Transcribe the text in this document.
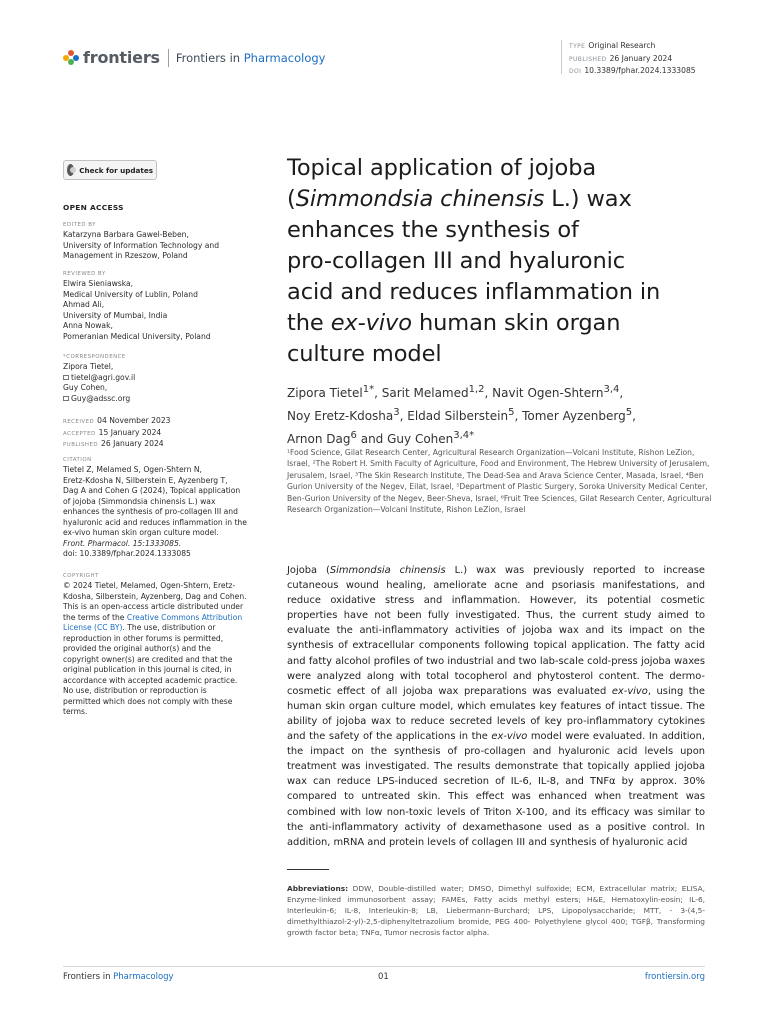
frontiers Frontiers in Pharmacology
TYPE Original Research
PUBLISHED 26 January 2024
DOI 10.3389/fphar.2024.1333085
Check for updates
OPEN ACCESS
EDITED BY
Katarzyna Barbara Gawel-Beben,
University of Information Technology and
Management in Rzeszow, Poland
REVIEWED BY
Elwira Sieniawska,
Medical University of Lublin, Poland
Ahmad Ali,
University of Mumbai, India
Anna Nowak,
Pomeranian Medical University, Poland
*CORRESPONDENCE
Zipora Tietel,
tietel@agri.gov.il
Guy Cohen,
Guy@adssc.org
RECEIVED 04 November 2023
ACCEPTED 15 January 2024
PUBLISHED 26 January 2024
CITATION
Tietel Z, Melamed S, Ogen-Shtern N,
Eretz-Kdosha N, Silberstein E, Ayzenberg T,
Dag A and Cohen G (2024), Topical application
of jojoba (Simmondsia chinensis L.) wax
enhances the synthesis of pro-collagen III and
hyaluronic acid and reduces inflammation in the
ex-vivo human skin organ culture model.
Front. Pharmacol. 15:1333085.
doi: 10.3389/fphar.2024.1333085
COPYRIGHT
© 2024 Tietel, Melamed, Ogen-Shtern, Eretz-
Kdosha, Silberstein, Ayzenberg, Dag and Cohen.
This is an open-access article distributed under
the terms of the Creative Commons Attribution
License (CC BY). The use, distribution or
reproduction in other forums is permitted,
provided the original author(s) and the
copyright owner(s) are credited and that the
original publication in this journal is cited, in
accordance with accepted academic practice.
No use, distribution or reproduction is
permitted which does not comply with these
terms.
Topical application of jojoba
(Simmondsia chinensis L.) wax
enhances the synthesis of
pro-collagen III and hyaluronic
acid and reduces inflammation in
the ex-vivo human skin organ
culture model
Zipora Tietel$^{1*}$, Sarit Melamed$^{1,2}$, Navit Ogen-Shtern$^{3,4}$,
Noy Eretz-Kdosha$^3$, Eldad Silberstein$^5$, Tomer Ayzenberg$^5$,
Arnon Dag$^6$ and Guy Cohen$^{3,4*}$
¹Food Science, Gilat Research Center, Agricultural Research Organization—Volcani Institute, Rishon LeZion, Israel, ²The Robert H. Smith Faculty of Agriculture, Food and Environment, The Hebrew University of Jerusalem, Jerusalem, Israel, ³The Skin Research Institute, The Dead-Sea and Arava Science Center, Masada, Israel, ⁴Ben Gurion University of the Negev, Eilat, Israel, ⁵Department of Plastic Surgery, Soroka University Medical Center, Ben-Gurion University of the Negev, Beer-Sheva, Israel, ⁶Fruit Tree Sciences, Gilat Research Center, Agricultural Research Organization—Volcani Institute, Rishon LeZion, Israel
Jojoba (Simmondsia chinensis L.) wax was previously reported to increase cutaneous wound healing, ameliorate acne and psoriasis manifestations, and reduce oxidative stress and inflammation. However, its potential cosmetic properties have not been fully investigated. Thus, the current study aimed to evaluate the anti-inflammatory activities of jojoba wax and its impact on the synthesis of extracellular components following topical application. The fatty acid and fatty alcohol profiles of two industrial and two lab-scale cold-press jojoba waxes were analyzed along with total tocopherol and phytosterol content. The dermo-cosmetic effect of all jojoba wax preparations was evaluated ex-vivo, using the human skin organ culture model, which emulates key features of intact tissue. The ability of jojoba wax to reduce secreted levels of key pro-inflammatory cytokines and the safety of the applications in the ex-vivo model were evaluated. In addition, the impact on the synthesis of pro-collagen and hyaluronic acid levels upon treatment was investigated. The results demonstrate that topically applied jojoba wax can reduce LPS-induced secretion of IL-6, IL-8, and TNFα by approx. 30% compared to untreated skin. This effect was enhanced when treatment was combined with low non-toxic levels of Triton X-100, and its efficacy was similar to the anti-inflammatory activity of dexamethasone used as a positive control. In addition, mRNA and protein levels of collagen III and synthesis of hyaluronic acid
Abbreviations: DDW, Double-distilled water; DMSO, Dimethyl sulfoxide; ECM, Extracellular matrix; ELISA, Enzyme-linked immunosorbent assay; FAMEs, Fatty acids methyl esters; H&E, Hematoxylin-eosin; IL-6, Interleukin-6; IL-8, Interleukin-8; LB, Liebermann–Burchard; LPS, Lipopolysaccharide; MTT, - 3-(4,5-dimethylthiazol-2-yl)-2,5-diphenyltetrazolium bromide, PEG 400- Polyethylene glycol 400; TGFβ, Transforming growth factor beta; TNFα, Tumor necrosis factor alpha.
Frontiers in Pharmacology	01	frontiersin.org
